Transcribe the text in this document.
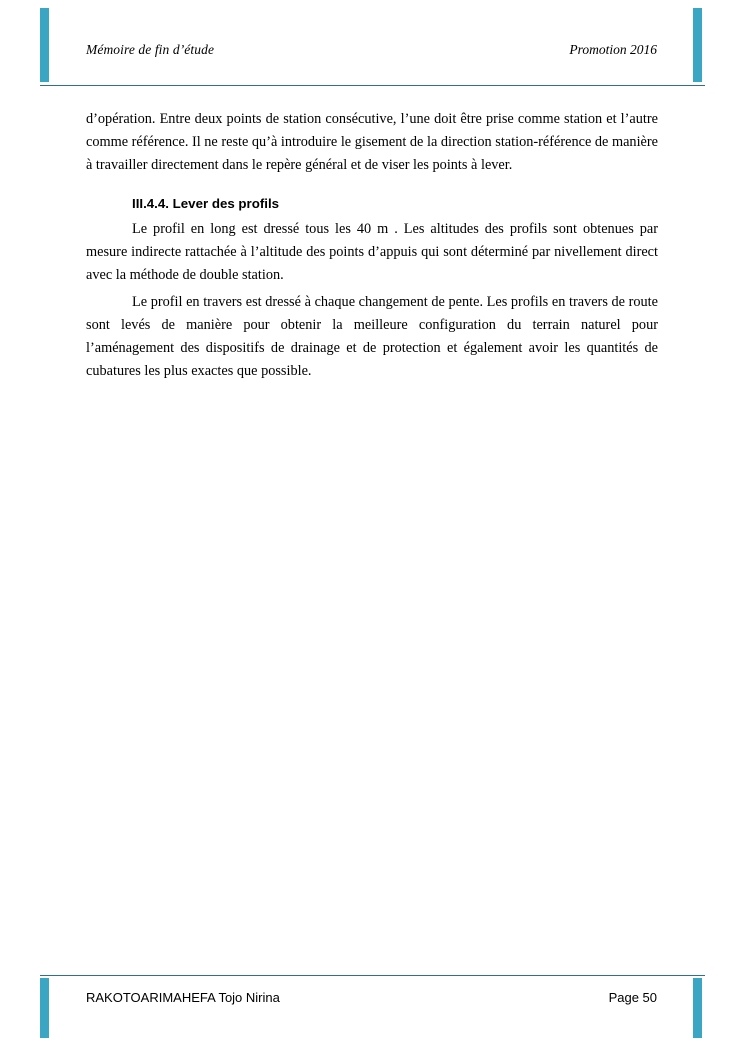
Mémoire de fin d’étude	Promotion 2016

d’opération. Entre deux points de station consécutive, l’une doit être prise comme station et l’autre comme référence. Il ne reste qu’à introduire le gisement de la direction station-référence de manière à travailler directement dans le repère général et de viser les points à lever.

III.4.4. Lever des profils

Le profil en long est dressé tous les 40 m . Les altitudes des profils sont obtenues par mesure indirecte rattachée à l’altitude des points d’appuis qui sont déterminé par nivellement direct avec la méthode de double station.

Le profil en travers est dressé à chaque changement de pente. Les profils en travers de route sont levés de manière pour obtenir la meilleure configuration du terrain naturel pour l’aménagement des dispositifs de drainage et de protection et également avoir les quantités de cubatures les plus exactes que possible.

RAKOTOARIMAHEFA Tojo Nirina	Page 50
